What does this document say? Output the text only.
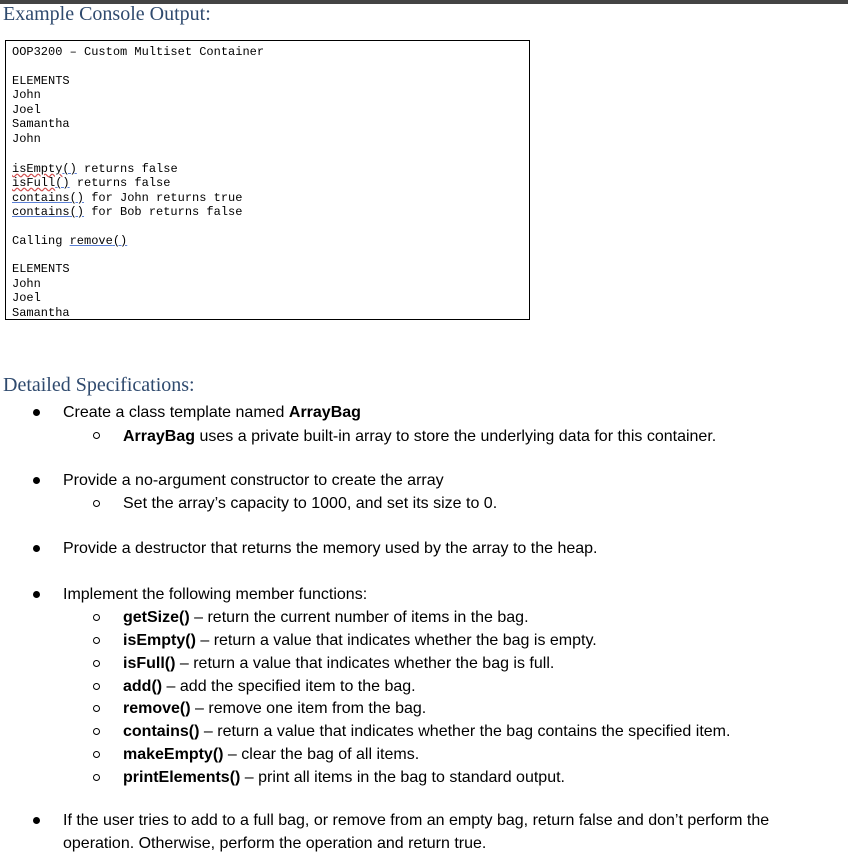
Example Console Output:
OOP3200 – Custom Multiset Container
ELEMENTS
John
Joel
Samantha
John
isEmpty() returns false
isFull() returns false
contains() for John returns true
contains() for Bob returns false
Calling remove()
ELEMENTS
John
Joel
Samantha
Detailed Specifications:
Create a class template named ArrayBag
ArrayBag uses a private built-in array to store the underlying data for this container.
Provide a no-argument constructor to create the array
Set the array’s capacity to 1000, and set its size to 0.
Provide a destructor that returns the memory used by the array to the heap.
Implement the following member functions:
getSize() – return the current number of items in the bag.
isEmpty() – return a value that indicates whether the bag is empty.
isFull() – return a value that indicates whether the bag is full.
add() – add the specified item to the bag.
remove() – remove one item from the bag.
contains() – return a value that indicates whether the bag contains the specified item.
makeEmpty() – clear the bag of all items.
printElements() – print all items in the bag to standard output.
If the user tries to add to a full bag, or remove from an empty bag, return false and don’t perform the
operation. Otherwise, perform the operation and return true.
